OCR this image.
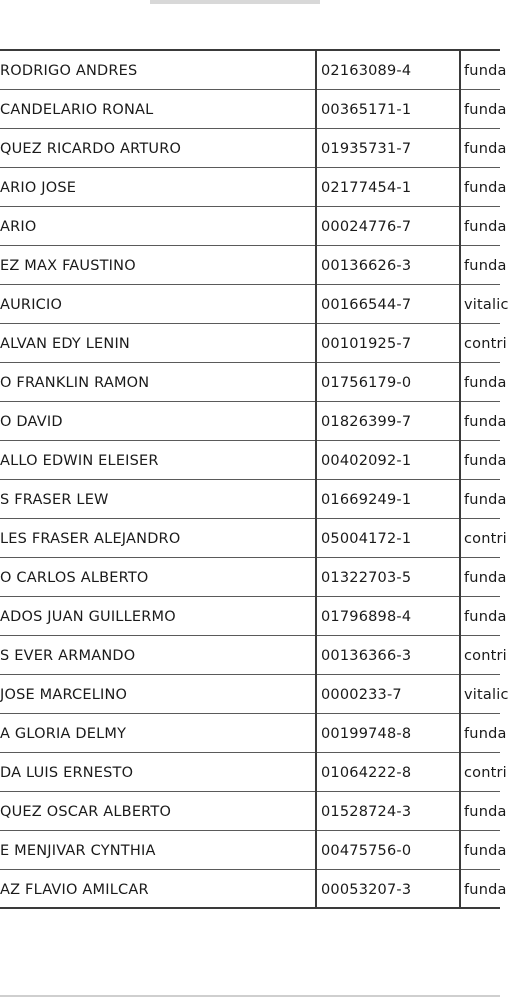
RODRIGO ANDRES	02163089-4	funda
CANDELARIO RONAL	00365171-1	funda
QUEZ RICARDO ARTURO	01935731-7	funda
ARIO JOSE	02177454-1	funda
ARIO	00024776-7	funda
EZ MAX FAUSTINO	00136626-3	funda
AURICIO	00166544-7	vitalic
ALVAN EDY LENIN	00101925-7	contri
O FRANKLIN RAMON	01756179-0	funda
O DAVID	01826399-7	funda
ALLO EDWIN ELEISER	00402092-1	funda
S FRASER LEW	01669249-1	funda
LES FRASER ALEJANDRO	05004172-1	contri
O CARLOS ALBERTO	01322703-5	funda
ADOS JUAN GUILLERMO	01796898-4	funda
S EVER ARMANDO	00136366-3	contri
JOSE MARCELINO	0000233-7	vitalic
A GLORIA DELMY	00199748-8	funda
DA LUIS ERNESTO	01064222-8	contri
QUEZ OSCAR ALBERTO	01528724-3	funda
E MENJIVAR CYNTHIA	00475756-0	funda
AZ FLAVIO AMILCAR	00053207-3	funda
